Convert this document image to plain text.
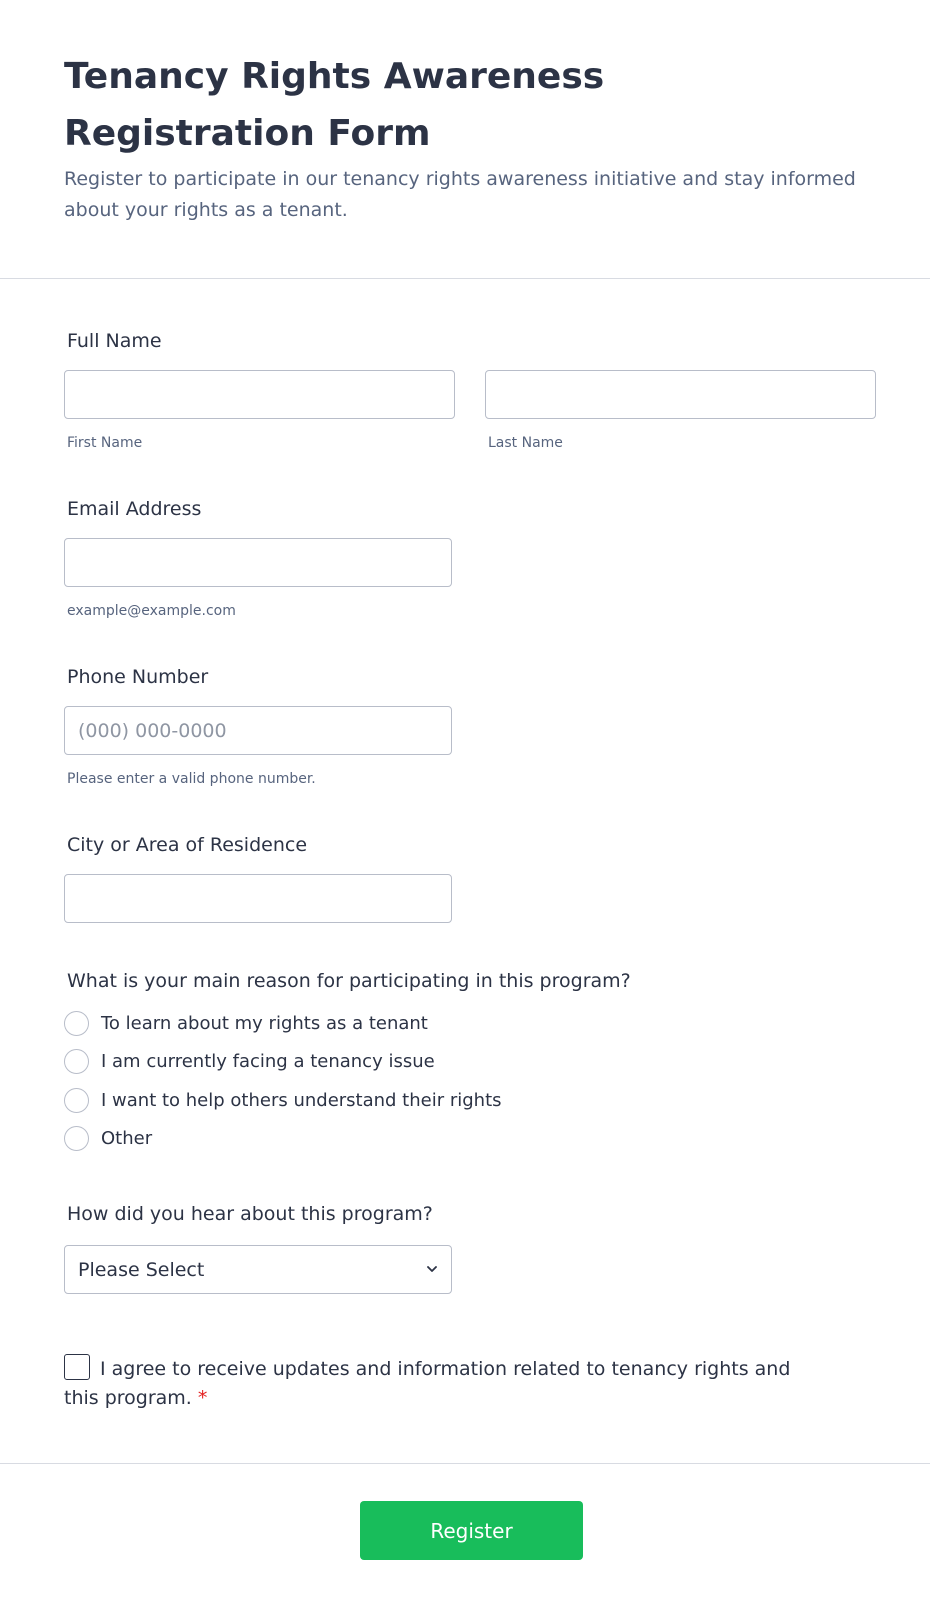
Tenancy Rights Awareness Registration Form

Register to participate in our tenancy rights awareness initiative and stay informed about your rights as a tenant.

Full Name
First Name	Last Name
Email Address
example@example.com
Phone Number
(000) 000-0000
Please enter a valid phone number.
City or Area of Residence
What is your main reason for participating in this program?
To learn about my rights as a tenant
I am currently facing a tenancy issue
I want to help others understand their rights
Other
How did you hear about this program?
Please Select
I agree to receive updates and information related to tenancy rights and this program. *
Register
